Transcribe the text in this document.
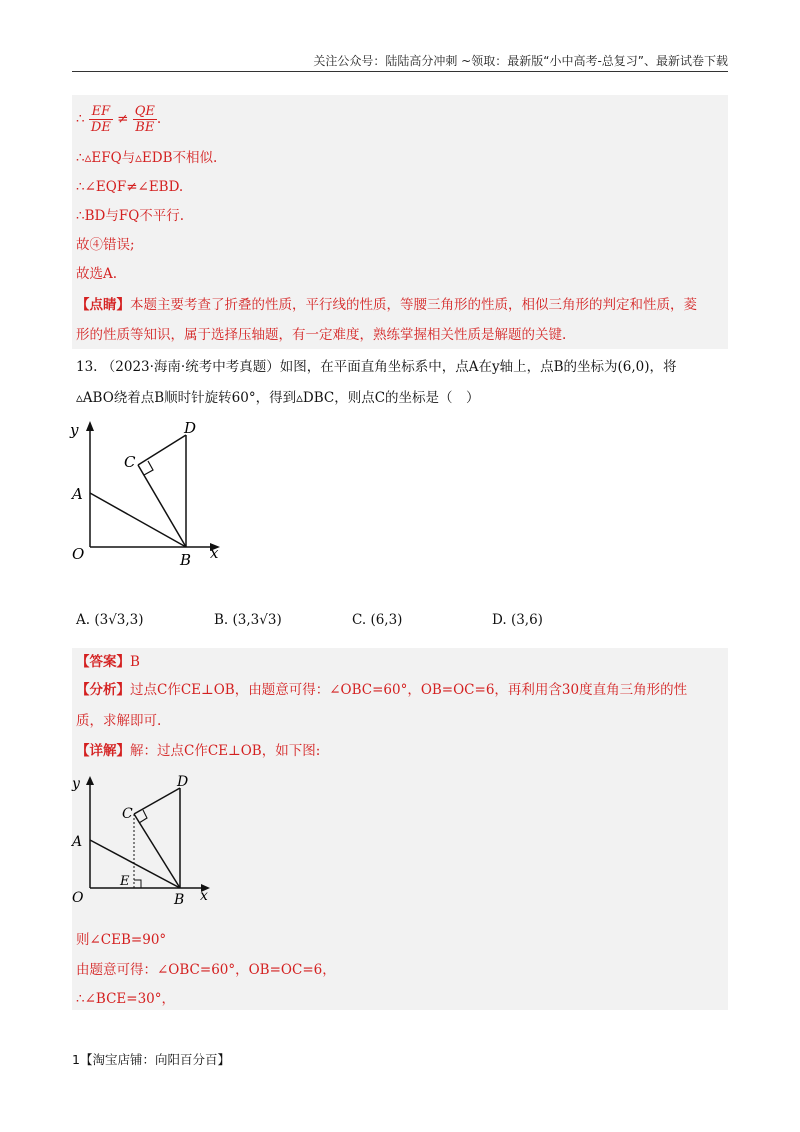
关注公众号：陆陆高分冲刺 ~领取：最新版“小中高考-总复习”、最新试卷下载
∴ $\frac{EF}{DE} \ne \frac{QE}{BE}$ .
∴▵EFQ与▵EDB不相似.
∴∠EQF≠∠EBD.
∴BD与FQ不平行.
故④错误;
故选A.
【点睛】本题主要考查了折叠的性质，平行线的性质，等腰三角形的性质，相似三角形的判定和性质，菱
形的性质等知识，属于选择压轴题，有一定难度，熟练掌握相关性质是解题的关键.
13. （2023·海南·统考中考真题）如图，在平面直角坐标系中，点A在y轴上，点B的坐标为(6,0)，将
▵ABO绕着点B顺时针旋转60°，得到▵DBC，则点C的坐标是（　）
y
x
O
A
B
C
D
A. (3√3,3)	B. (3,3√3)	C. (6,3)	D. (3,6)
【答案】B
【分析】过点C作CE⊥OB，由题意可得：∠OBC=60°，OB=OC=6，再利用含30度直角三角形的性
质，求解即可.
【详解】解：过点C作CE⊥OB，如下图:
y
x
O
A
B
C
D
E
则∠CEB=90°
由题意可得：∠OBC=60°，OB=OC=6，
∴∠BCE=30°，
1【淘宝店铺：向阳百分百】
